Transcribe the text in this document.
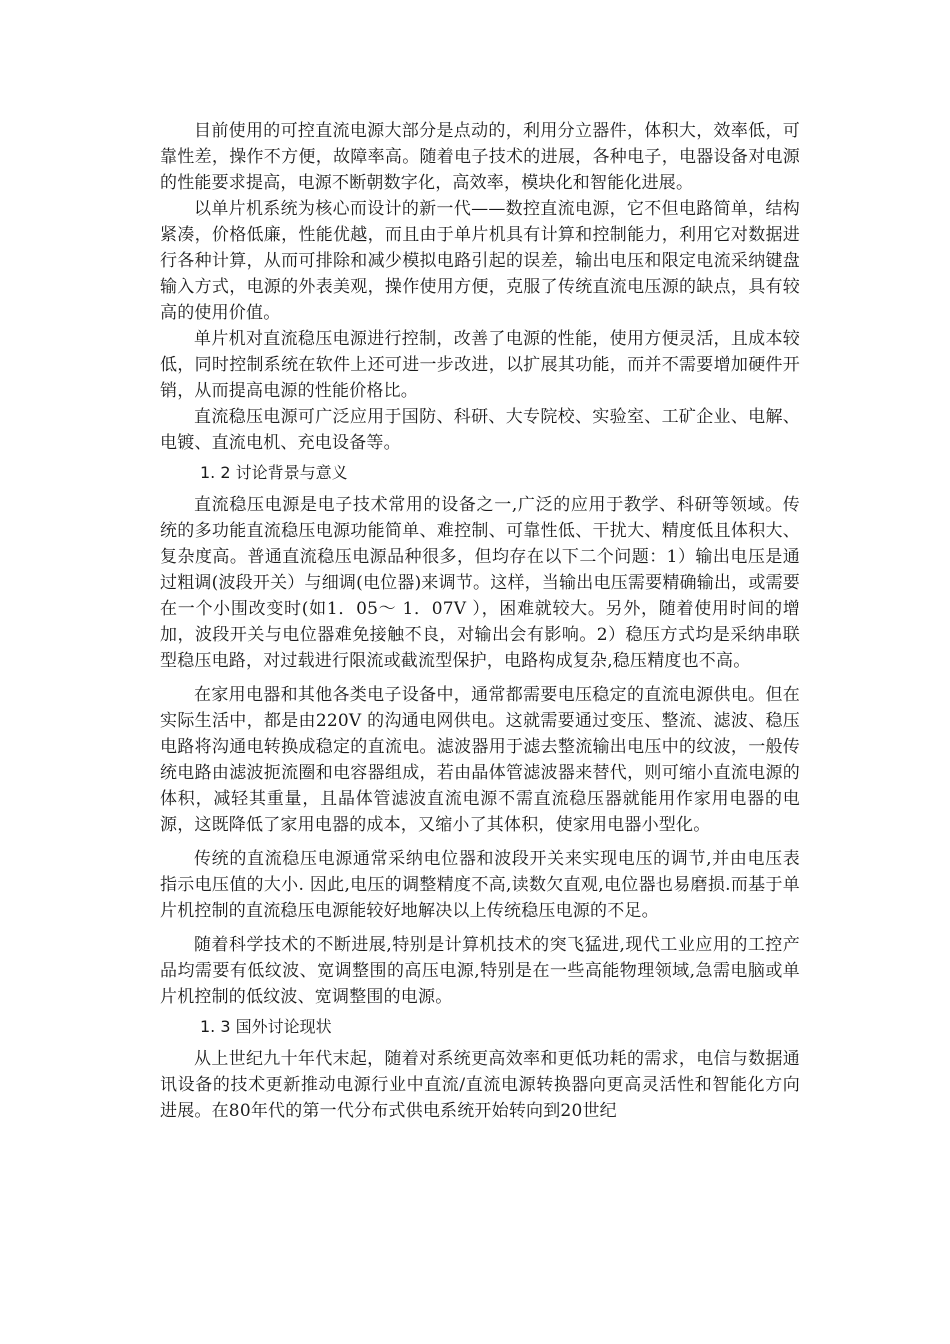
目前使用的可控直流电源大部分是点动的，利用分立器件，体积大，效率低，可靠性差，操作不方便，故障率高。随着电子技术的进展，各种电子，电器设备对电源的性能要求提高，电源不断朝数字化，高效率，模块化和智能化进展。

以单片机系统为核心而设计的新一代——数控直流电源，它不但电路简单，结构紧凑，价格低廉，性能优越，而且由于单片机具有计算和控制能力，利用它对数据进行各种计算，从而可排除和减少模拟电路引起的误差，输出电压和限定电流采纳键盘输入方式，电源的外表美观，操作使用方便，克服了传统直流电压源的缺点，具有较高的使用价值。

单片机对直流稳压电源进行控制，改善了电源的性能，使用方便灵活，且成本较低，同时控制系统在软件上还可进一步改进，以扩展其功能，而并不需要增加硬件开销，从而提高电源的性能价格比。

直流稳压电源可广泛应用于国防、科研、大专院校、实验室、工矿企业、电解、电镀、直流电机、充电设备等。

1. 2 讨论背景与意义

直流稳压电源是电子技术常用的设备之一,广泛的应用于教学、科研等领域。传统的多功能直流稳压电源功能简单、难控制、可靠性低、干扰大、精度低且体积大、复杂度高。普通直流稳压电源品种很多，但均存在以下二个问题：1）输出电压是通过粗调(波段开关）与细调(电位器)来调节。这样，当输出电压需要精确输出，或需要在一个小围改变时(如1．05～ 1．07V ），困难就较大。另外，随着使用时间的增加，波段开关与电位器难免接触不良，对输出会有影响。2）稳压方式均是采纳串联型稳压电路，对过载进行限流或截流型保护，电路构成复杂,稳压精度也不高。

在家用电器和其他各类电子设备中，通常都需要电压稳定的直流电源供电。但在实际生活中，都是由220V 的沟通电网供电。这就需要通过变压、整流、滤波、稳压电路将沟通电转换成稳定的直流电。滤波器用于滤去整流输出电压中的纹波，一般传统电路由滤波扼流圈和电容器组成，若由晶体管滤波器来替代，则可缩小直流电源的体积，减轻其重量，且晶体管滤波直流电源不需直流稳压器就能用作家用电器的电源，这既降低了家用电器的成本，又缩小了其体积，使家用电器小型化。

传统的直流稳压电源通常采纳电位器和波段开关来实现电压的调节,并由电压表指示电压值的大小. 因此,电压的调整精度不高,读数欠直观,电位器也易磨损.而基于单片机控制的直流稳压电源能较好地解决以上传统稳压电源的不足。

随着科学技术的不断进展,特别是计算机技术的突飞猛进,现代工业应用的工控产品均需要有低纹波、宽调整围的高压电源,特别是在一些高能物理领域,急需电脑或单片机控制的低纹波、宽调整围的电源。

1. 3 国外讨论现状

从上世纪九十年代末起，随着对系统更高效率和更低功耗的需求，电信与数据通讯设备的技术更新推动电源行业中直流/直流电源转换器向更高灵活性和智能化方向进展。在80年代的第一代分布式供电系统开始转向到20世纪
